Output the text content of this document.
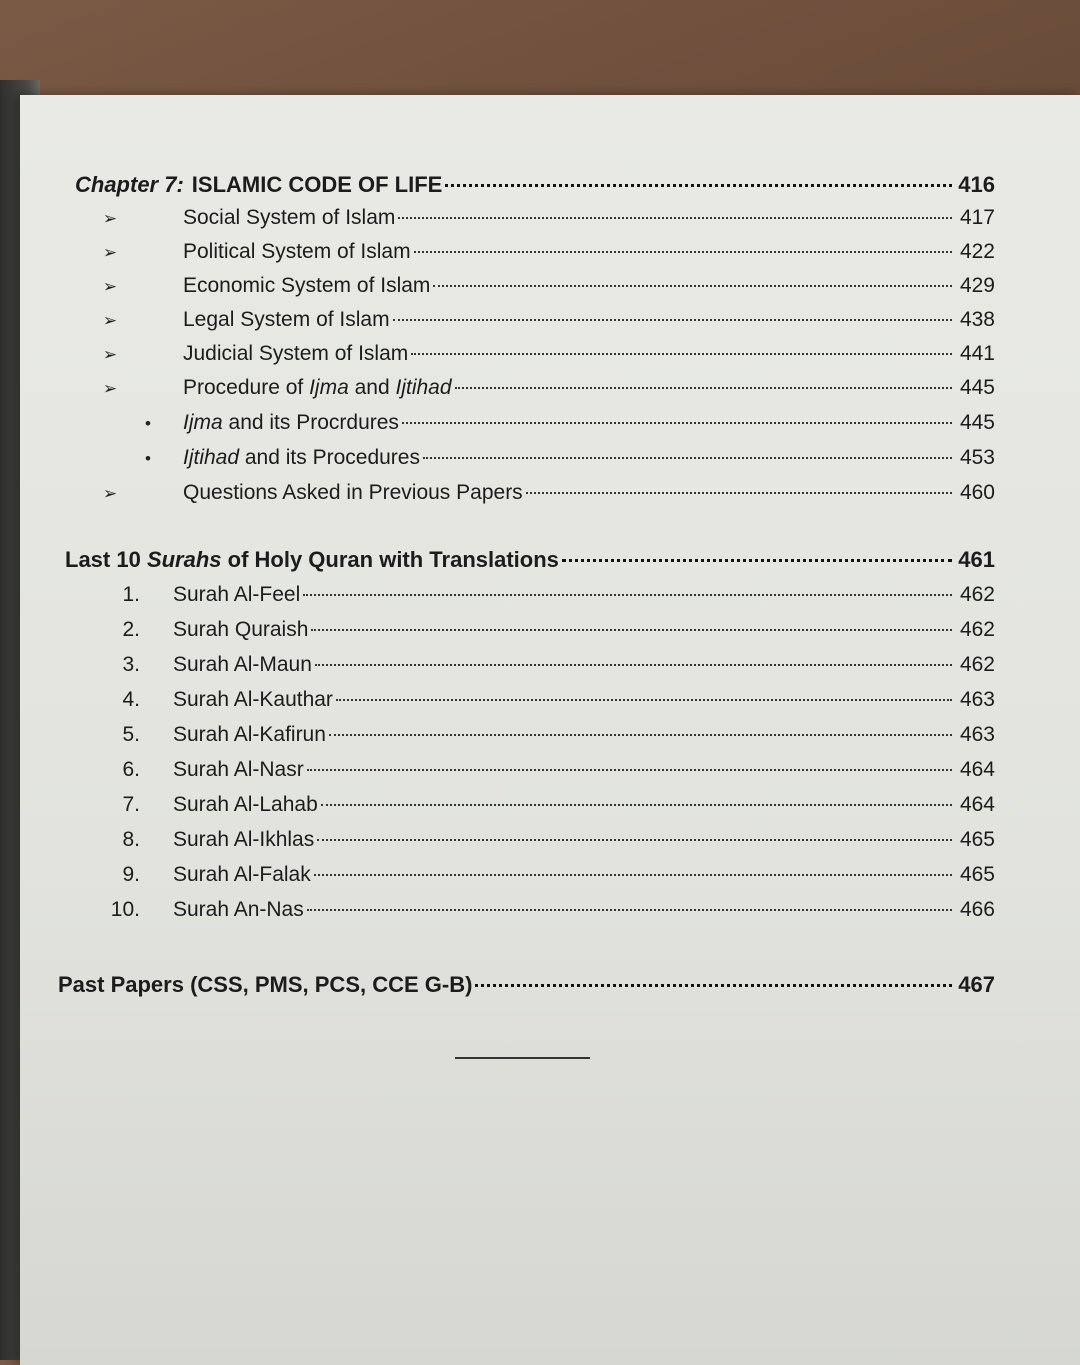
Chapter 7: ISLAMIC CODE OF LIFE	416
➢	Social System of Islam	417
➢	Political System of Islam	422
➢	Economic System of Islam	429
➢	Legal System of Islam	438
➢	Judicial System of Islam	441
➢	Procedure of Ijma and Ijtihad	445
•	Ijma and its Procrdures	445
•	Ijtihad and its Procedures	453
➢	Questions Asked in Previous Papers	460
Last 10 Surahs of Holy Quran with Translations	461
1.	Surah Al-Feel	462
2.	Surah Quraish	462
3.	Surah Al-Maun	462
4.	Surah Al-Kauthar	463
5.	Surah Al-Kafirun	463
6.	Surah Al-Nasr	464
7.	Surah Al-Lahab	464
8.	Surah Al-Ikhlas	465
9.	Surah Al-Falak	465
10.	Surah An-Nas	466
Past Papers (CSS, PMS, PCS, CCE G-B)	467
